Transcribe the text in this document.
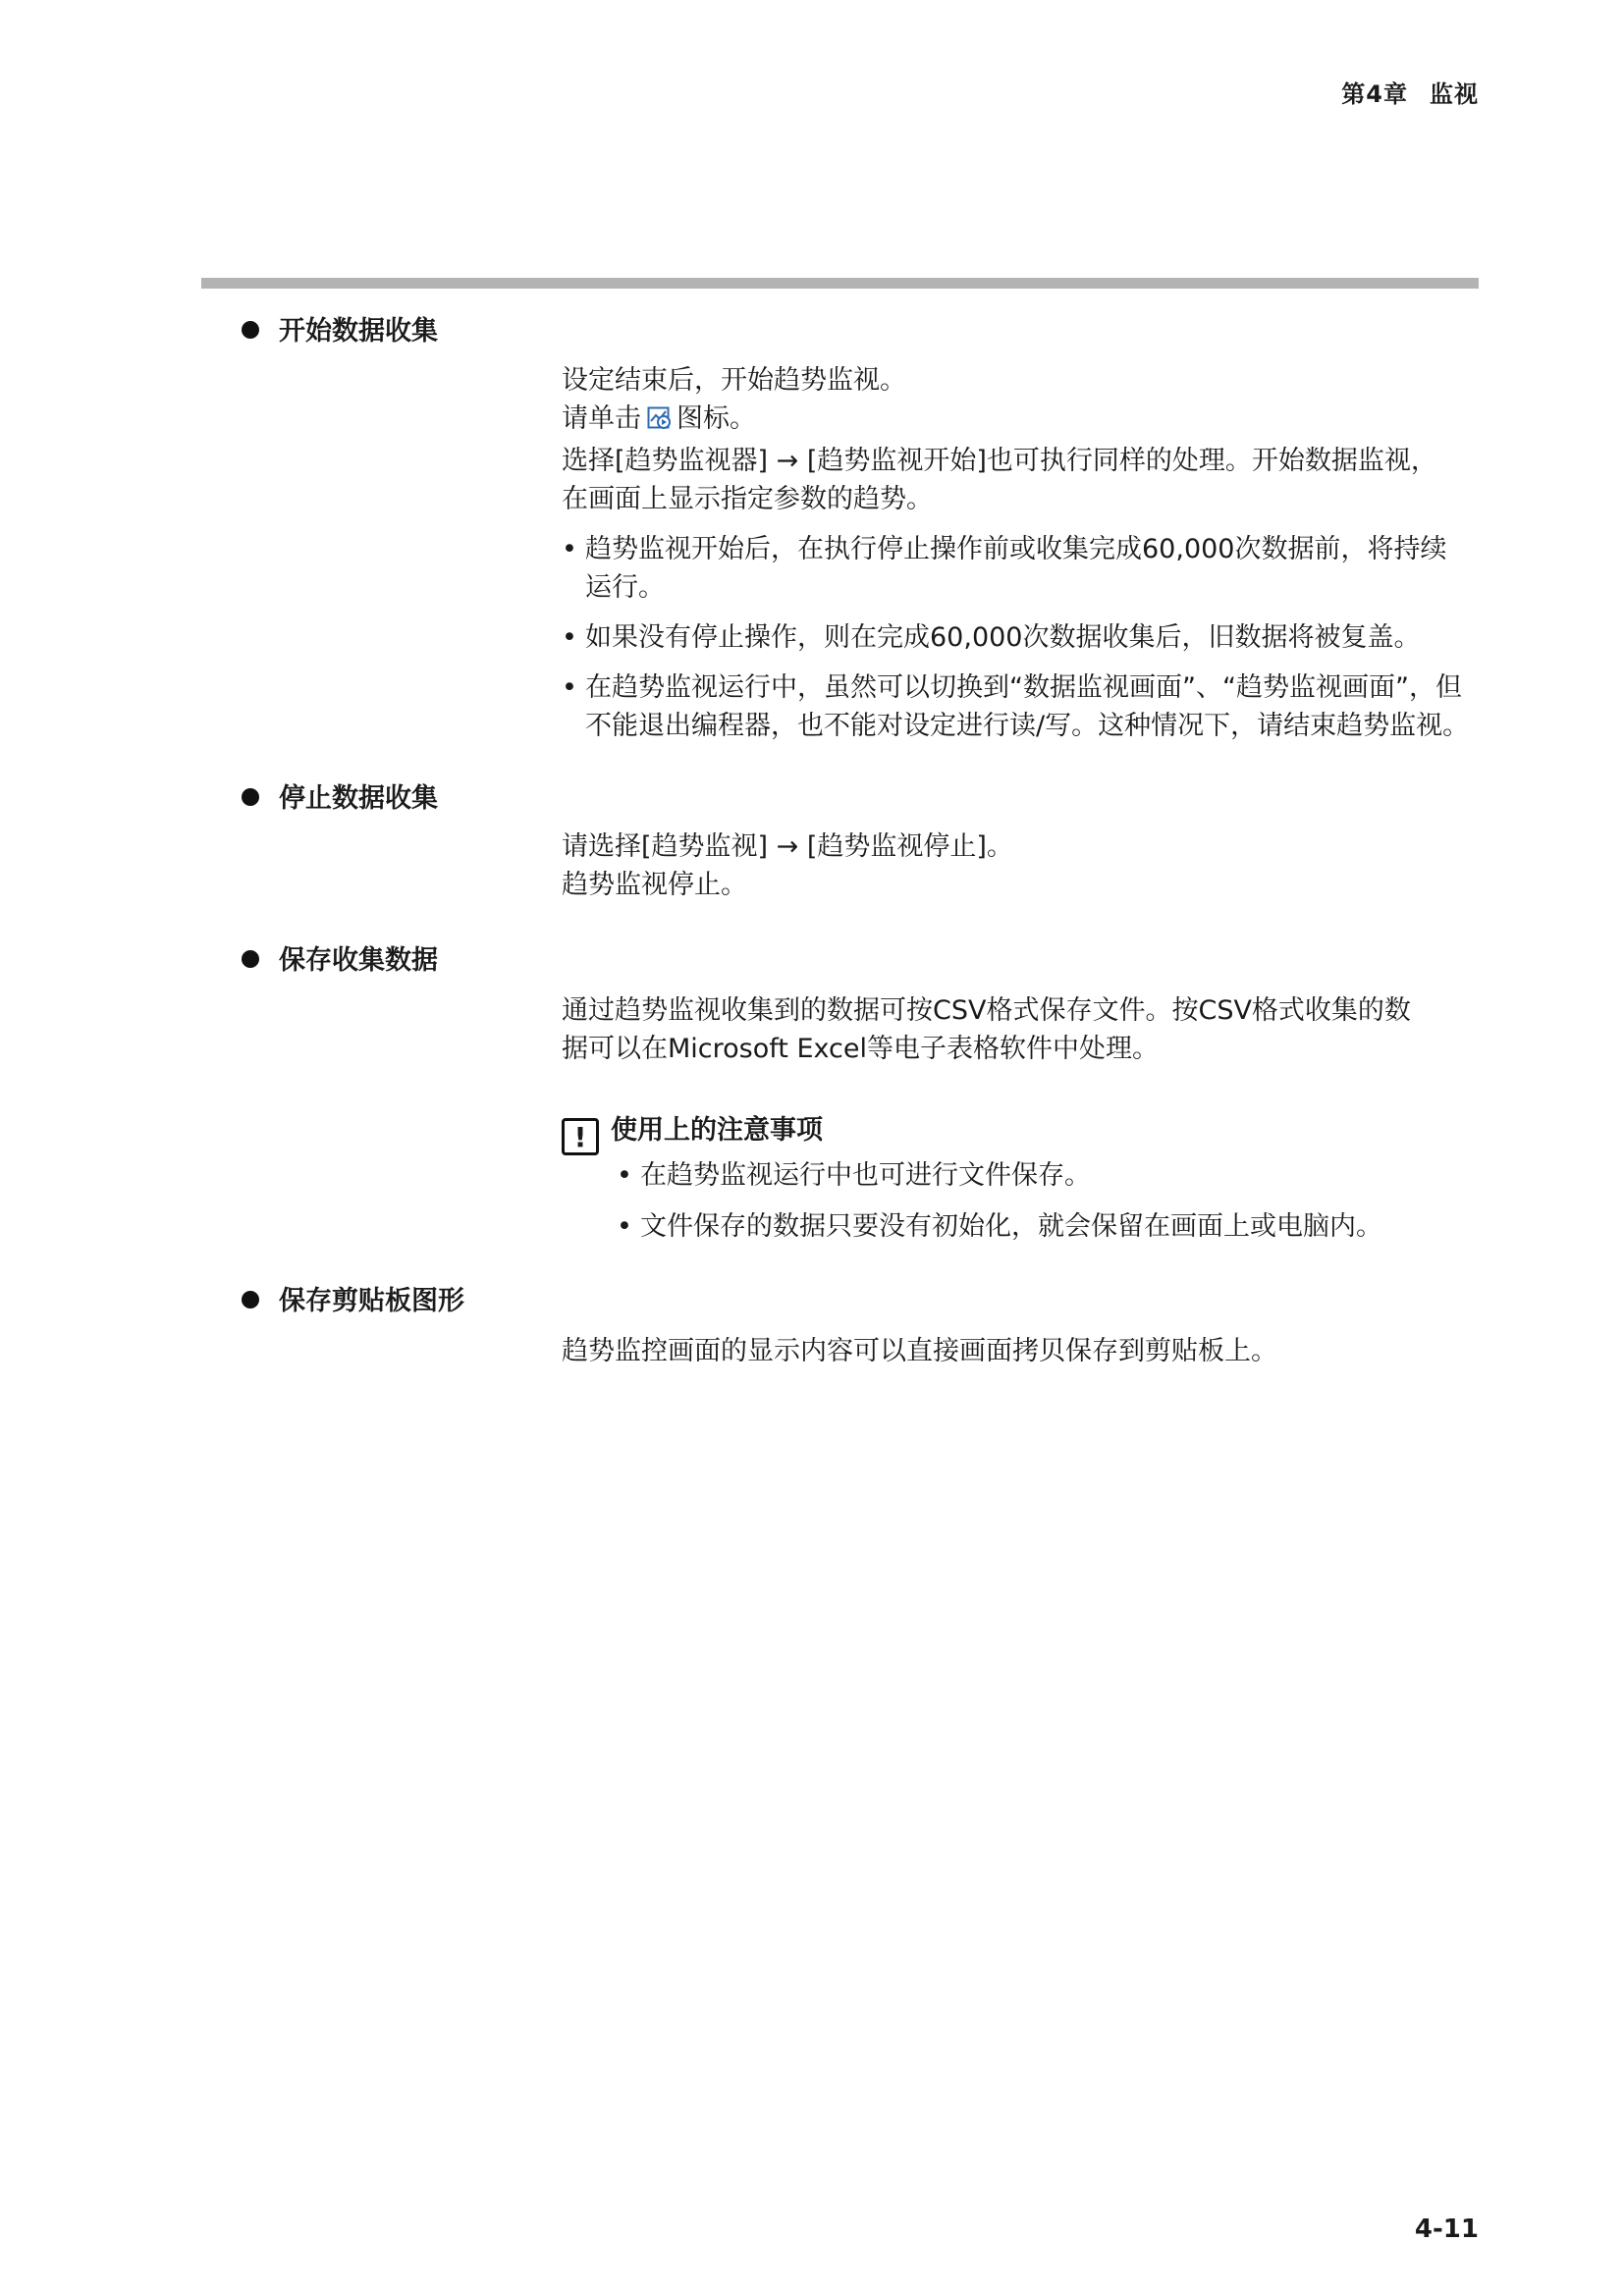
第4章 监视
开始数据收集

设定结束后，开始趋势监视。

请单击 图标。

选择[趋势监视器] → [趋势监视开始]也可执行同样的处理。开始数据监视，

在画面上显示指定参数的趋势。

• 趋势监视开始后，在执行停止操作前或收集完成60,000次数据前，将持续

运行。

• 如果没有停止操作，则在完成60,000次数据收集后，旧数据将被复盖。

• 在趋势监视运行中，虽然可以切换到“数据监视画面”、“趋势监视画面”，但

不能退出编程器，也不能对设定进行读/写。这种情况下，请结束趋势监视。

停止数据收集

请选择[趋势监视] → [趋势监视停止]。

趋势监视停止。

保存收集数据

通过趋势监视收集到的数据可按CSV格式保存文件。按CSV格式收集的数

据可以在Microsoft Excel等电子表格软件中处理。

! 使用上的注意事项
• 在趋势监视运行中也可进行文件保存。
• 文件保存的数据只要没有初始化，就会保留在画面上或电脑内。
保存剪贴板图形

趋势监控画面的显示内容可以直接画面拷贝保存到剪贴板上。

4-11
